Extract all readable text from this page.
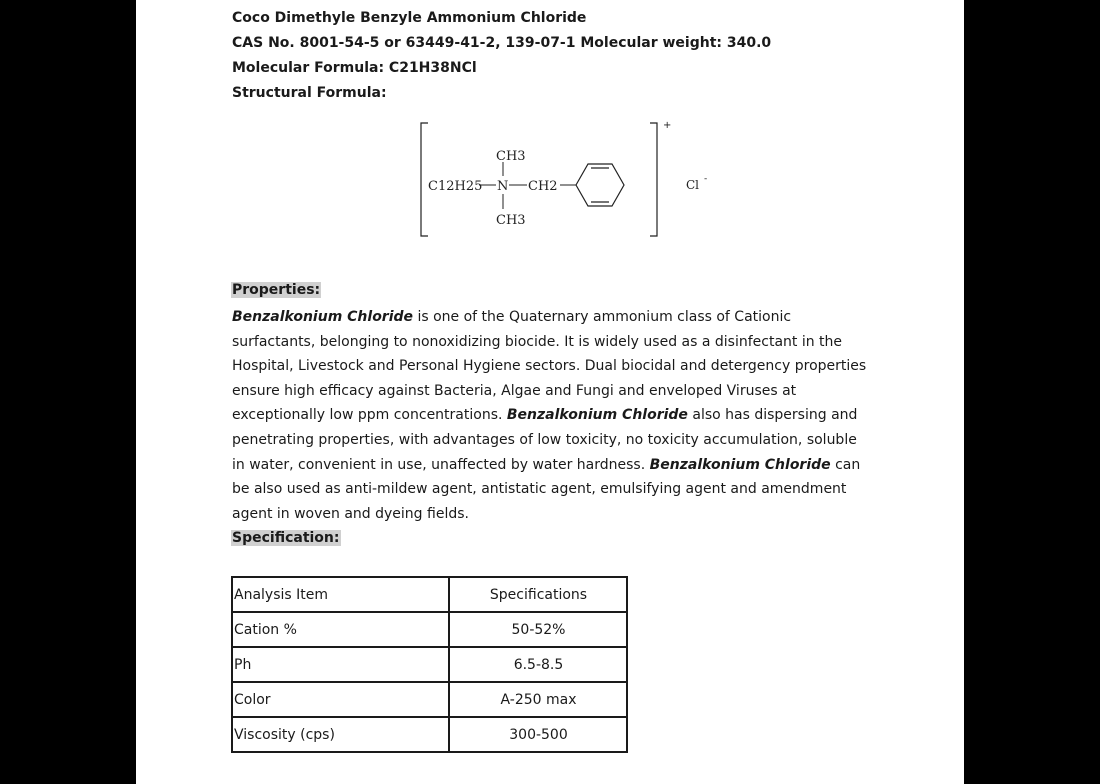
Coco Dimethyle Benzyle Ammonium Chloride
CAS No. 8001-54-5 or 63449-41-2, 139-07-1 Molecular weight: 340.0
Molecular Formula: C21H38NCl
Structural Formula:
+
CH3
C12H25 N CH2
CH3
Cl -
Properties:
Benzalkonium Chloride is one of the Quaternary ammonium class of Cationic surfactants, belonging to nonoxidizing biocide. It is widely used as a disinfectant in the Hospital, Livestock and Personal Hygiene sectors. Dual biocidal and detergency properties ensure high efficacy against Bacteria, Algae and Fungi and enveloped Viruses at exceptionally low ppm concentrations. Benzalkonium Chloride also has dispersing and penetrating properties, with advantages of low toxicity, no toxicity accumulation, soluble in water, convenient in use, unaffected by water hardness. Benzalkonium Chloride can be also used as anti-mildew agent, antistatic agent, emulsifying agent and amendment agent in woven and dyeing fields.
Specification:
Analysis Item	Specifications
Cation %	50-52%
Ph	6.5-8.5
Color	A-250 max
Viscosity (cps)	300-500
